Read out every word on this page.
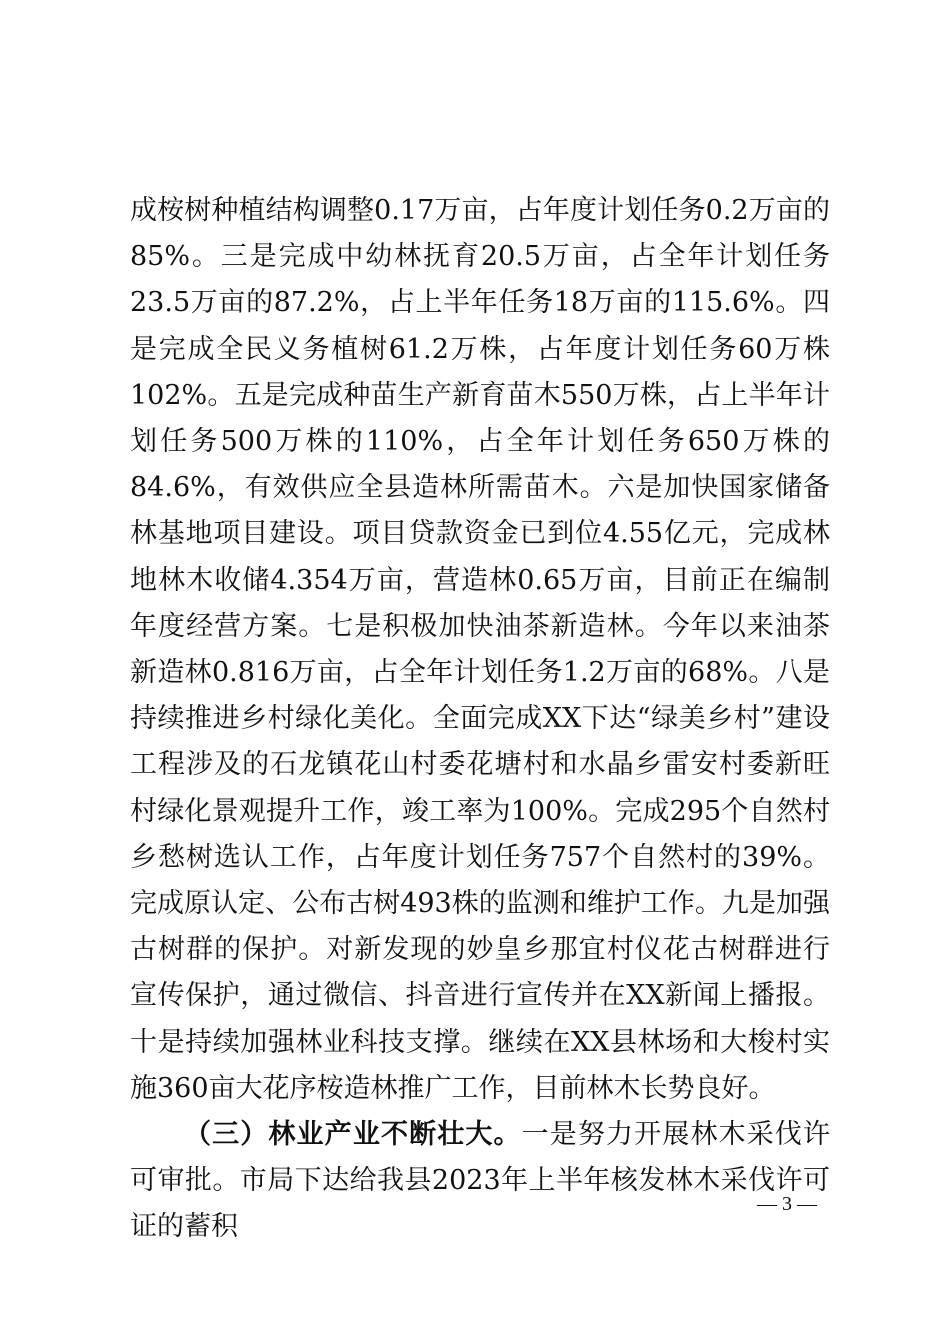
成桉树种植结构调整0.17万亩，占年度计划任务0.2万亩的85%。三是完成中幼林抚育20.5万亩，占全年计划任务23.5万亩的87.2%，占上半年任务18万亩的115.6%。四是完成全民义务植树61.2万株，占年度计划任务60万株102%。五是完成种苗生产新育苗木550万株，占上半年计划任务500万株的110%，占全年计划任务650万株的84.6%，有效供应全县造林所需苗木。六是加快国家储备林基地项目建设。项目贷款资金已到位4.55亿元，完成林地林木收储4.354万亩，营造林0.65万亩，目前正在编制年度经营方案。七是积极加快油茶新造林。今年以来油茶新造林0.816万亩，占全年计划任务1.2万亩的68%。八是持续推进乡村绿化美化。全面完成XX下达“绿美乡村”建设工程涉及的石龙镇花山村委花塘村和水晶乡雷安村委新旺村绿化景观提升工作，竣工率为100%。完成295个自然村乡愁树选认工作，占年度计划任务757个自然村的39%。完成原认定、公布古树493株的监测和维护工作。九是加强古树群的保护。对新发现的妙皇乡那宜村仪花古树群进行宣传保护，通过微信、抖音进行宣传并在XX新闻上播报。十是持续加强林业科技支撑。继续在XX县林场和大梭村实施360亩大花序桉造林推广工作，目前林木长势良好。

（三）林业产业不断壮大。一是努力开展林木采伐许可审批。市局下达给我县2023年上半年核发林木采伐许可证的蓄积

— 3 —
